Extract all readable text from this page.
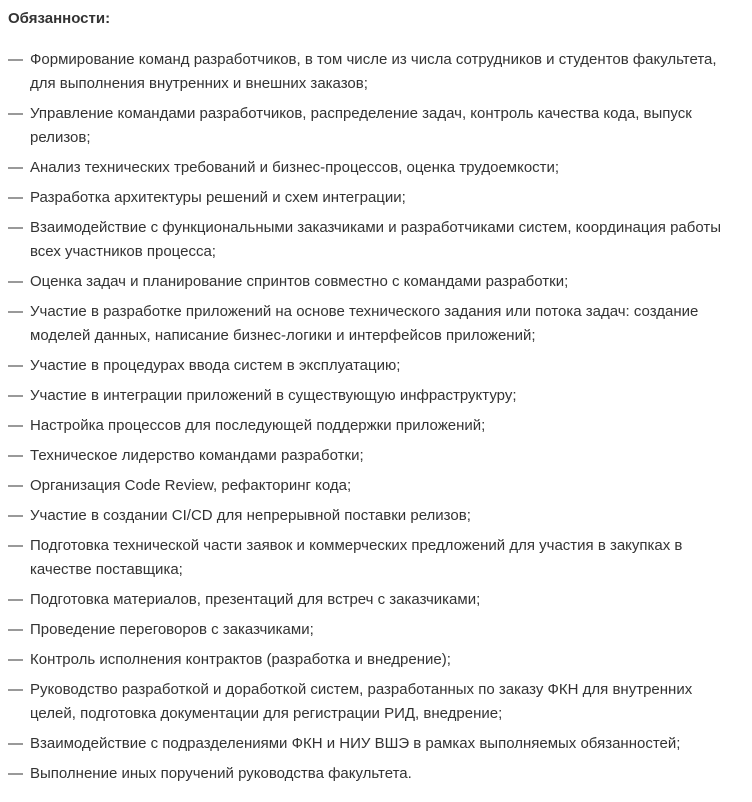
Обязанности:
— Формирование команд разработчиков, в том числе из числа сотрудников и студентов факультета, для выполнения внутренних и внешних заказов;
— Управление командами разработчиков, распределение задач, контроль качества кода, выпуск релизов;
— Анализ технических требований и бизнес-процессов, оценка трудоемкости;
— Разработка архитектуры решений и схем интеграции;
— Взаимодействие с функциональными заказчиками и разработчиками систем, координация работы всех участников процесса;
— Оценка задач и планирование спринтов совместно с командами разработки;
— Участие в разработке приложений на основе технического задания или потока задач: создание моделей данных, написание бизнес-логики и интерфейсов приложений;
— Участие в процедурах ввода систем в эксплуатацию;
— Участие в интеграции приложений в существующую инфраструктуру;
— Настройка процессов для последующей поддержки приложений;
— Техническое лидерство командами разработки;
— Организация Code Review, рефакторинг кода;
— Участие в создании CI/CD для непрерывной поставки релизов;
— Подготовка технической части заявок и коммерческих предложений для участия в закупках в качестве поставщика;
— Подготовка материалов, презентаций для встреч с заказчиками;
— Проведение переговоров с заказчиками;
— Контроль исполнения контрактов (разработка и внедрение);
— Руководство разработкой и доработкой систем, разработанных по заказу ФКН для внутренних целей, подготовка документации для регистрации РИД, внедрение;
— Взаимодействие с подразделениями ФКН и НИУ ВШЭ в рамках выполняемых обязанностей;
— Выполнение иных поручений руководства факультета.
